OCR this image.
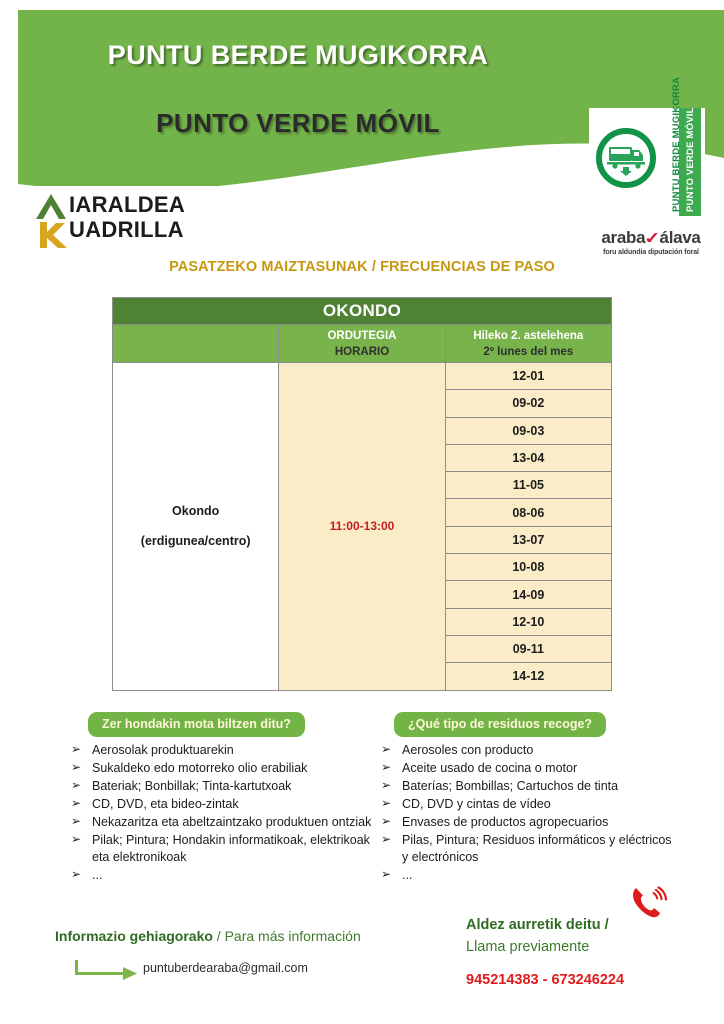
PUNTU BERDE MUGIKORRA
PUNTO VERDE MÓVIL	PUNTU BERDE MUGIKORRA PUNTO VERDE MÓVIL
araba✓álava
foru aldundia diputación foral
IARALDEA
UADRILLA
PASATZEKO MAIZTASUNAK / FRECUENCIAS DE PASO
OKONDO		

	ORDUTEGIA
HORARIO	Hileko 2. astelehena
2º lunes del mes

Okondo
(erdigunea/centro)	11:00-13:00	12-01
		09-02
		09-03
		13-04
		11-05
		08-06
		13-07
		10-08
		14-09
		12-10
		09-11
		14-12
Zer hondakin mota biltzen ditu?
➢ Aerosolak produktuarekin
➢ Sukaldeko edo motorreko olio erabiliak
➢ Bateriak; Bonbillak; Tinta-kartutxoak
➢ CD, DVD, eta bideo-zintak
➢ Nekazaritza eta abeltzaintzako produktuen ontziak
➢ Pilak; Pintura; Hondakin informatikoak, elektrikoak eta elektronikoak
➢ ...
¿Qué tipo de residuos recoge?
➢ Aerosoles con producto
➢ Aceite usado de cocina o motor
➢ Baterías; Bombillas; Cartuchos de tinta
➢ CD, DVD y cintas de vídeo
➢ Envases de productos agropecuarios
➢ Pilas, Pintura; Residuos informáticos y eléctricos y electrónicos
➢ ...
Informazio gehiagorako / Para más información
puntuberdearaba@gmail.com
Aldez aurretik deitu /
Llama previamente
945214383 - 673246224
